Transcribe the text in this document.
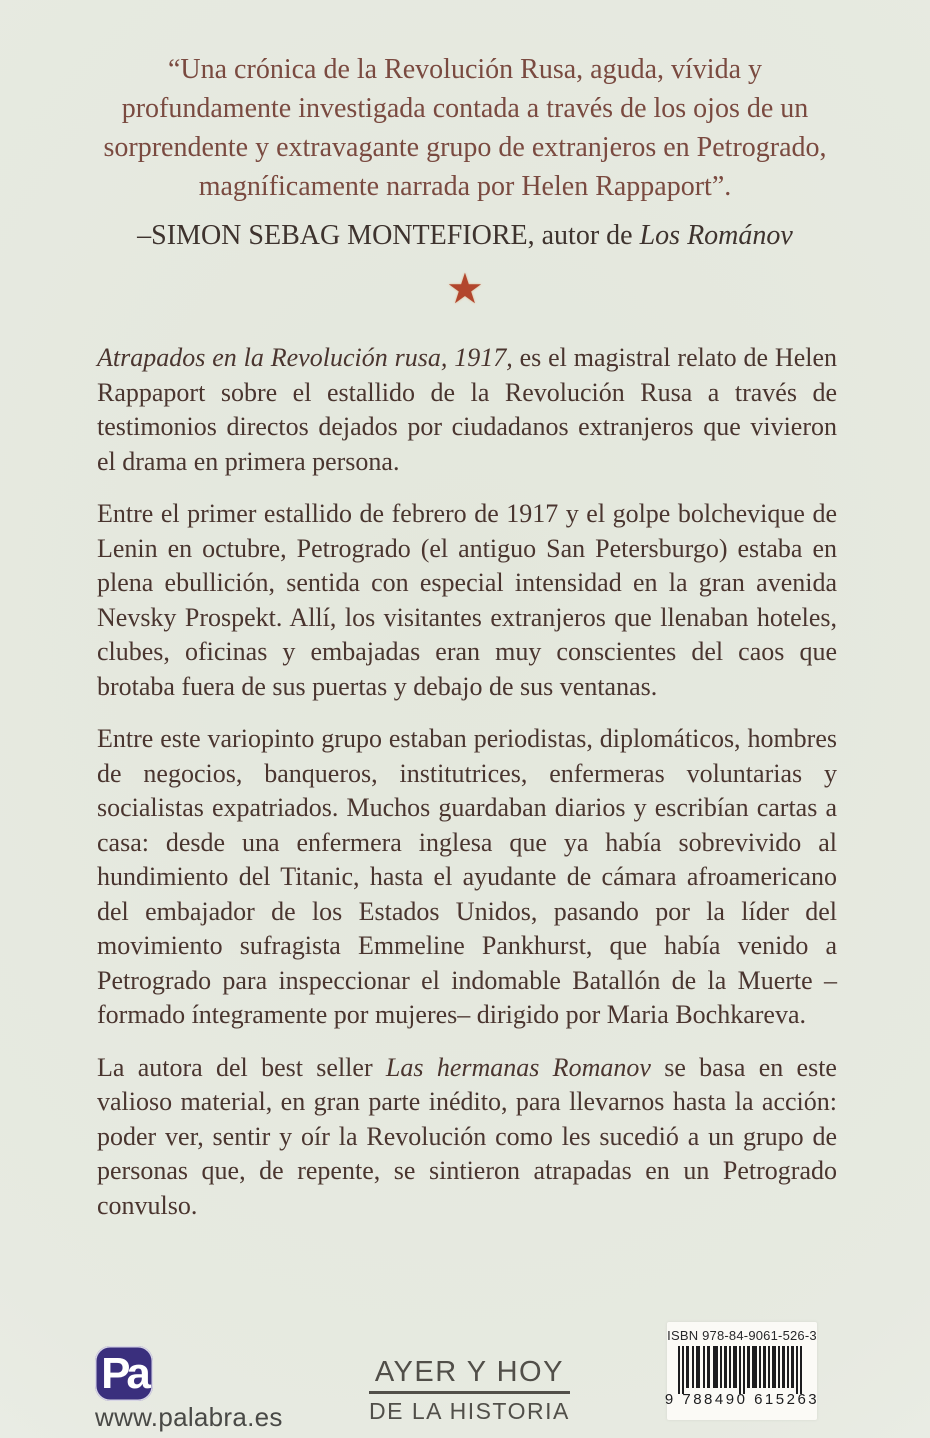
“Una crónica de la Revolución Rusa, aguda, vívida y profundamente investigada contada a través de los ojos de un sorprendente y extravagante grupo de extranjeros en Petrogrado, magníficamente narrada por Helen Rappaport”.

–SIMON SEBAG MONTEFIORE, autor de Los Románov

★

Atrapados en la Revolución rusa, 1917, es el magistral relato de Helen Rappaport sobre el estallido de la Revolución Rusa a través de testimonios directos dejados por ciudadanos extranjeros que vivieron el drama en primera persona.

Entre el primer estallido de febrero de 1917 y el golpe bolchevique de Lenin en octubre, Petrogrado (el antiguo San Petersburgo) estaba en plena ebullición, sentida con especial intensidad en la gran avenida Nevsky Prospekt. Allí, los visitantes extranjeros que llenaban hoteles, clubes, oficinas y embajadas eran muy conscientes del caos que brotaba fuera de sus puertas y debajo de sus ventanas.

Entre este variopinto grupo estaban periodistas, diplomáticos, hombres de negocios, banqueros, institutrices, enfermeras voluntarias y socialistas expatriados. Muchos guardaban diarios y escribían cartas a casa: desde una enfermera inglesa que ya había sobrevivido al hundimiento del Titanic, hasta el ayudante de cámara afroamericano del embajador de los Estados Unidos, pasando por la líder del movimiento sufragista Emmeline Pankhurst, que había venido a Petrogrado para inspeccionar el indomable Batallón de la Muerte –formado íntegramente por mujeres– dirigido por Maria Bochkareva.

La autora del best seller Las hermanas Romanov se basa en este valioso material, en gran parte inédito, para llevarnos hasta la acción: poder ver, sentir y oír la Revolución como les sucedió a un grupo de personas que, de repente, se sintieron atrapadas en un Petrogrado convulso.

Pa
www.palabra.es
AYER Y HOY
DE LA HISTORIA
ISBN 978-84-9061-526-3
9 788490 615263
